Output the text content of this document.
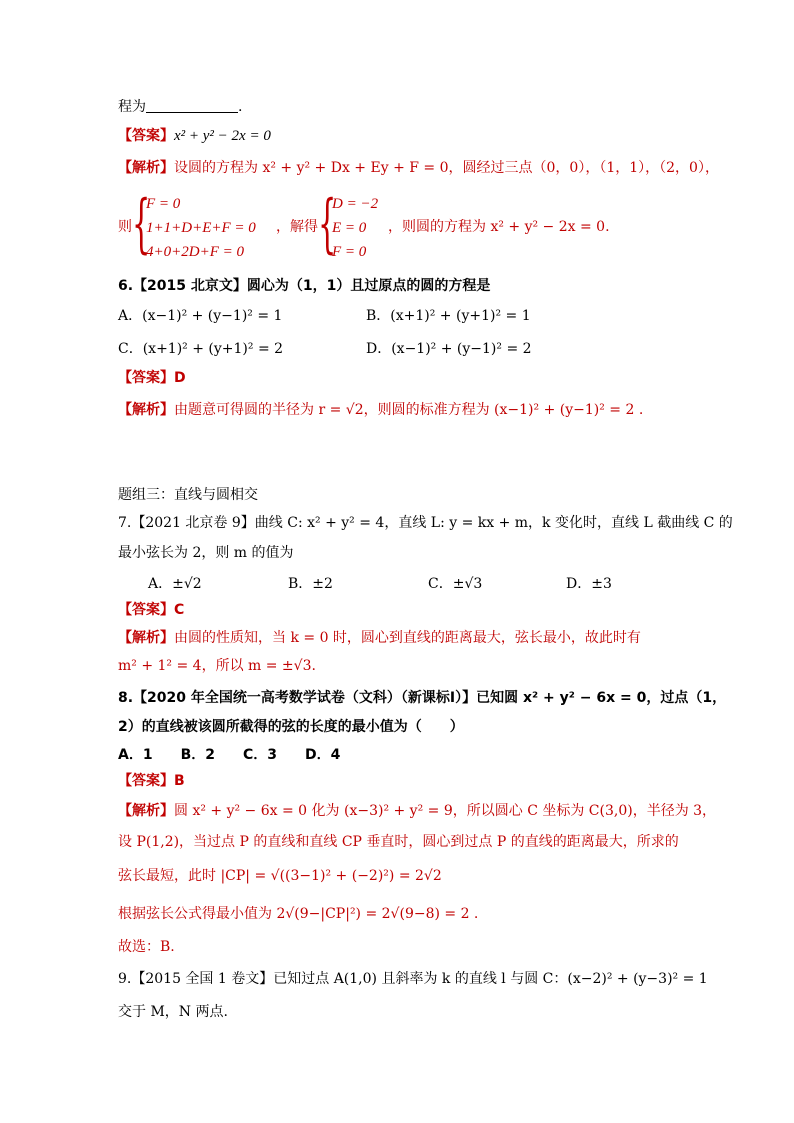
程为	.
【答案】x² + y² − 2x = 0
【解析】设圆的方程为 x² + y² + Dx + Ey + F = 0，圆经过三点（0，0），（1，1），（2，0），
则 {
F = 0
1+1+D+E+F = 0
4+0+2D+F = 0
，解得 {
D = −2
E = 0
F = 0
，则圆的方程为 x² + y² − 2x = 0.
6.【2015 北京文】圆心为（1，1）且过原点的圆的方程是
A．(x−1)² + (y−1)² = 1	B．(x+1)² + (y+1)² = 1
C．(x+1)² + (y+1)² = 2	D．(x−1)² + (y−1)² = 2
【答案】D
【解析】由题意可得圆的半径为 r = √2，则圆的标准方程为 (x−1)² + (y−1)² = 2 .
题组三：直线与圆相交
7.【2021 北京卷 9】曲线 C: x² + y² = 4，直线 L: y = kx + m，k 变化时，直线 L 截曲线 C 的
最小弦长为 2，则 m 的值为
A．±√2	B．±2	C．±√3	D．±3
【答案】C
【解析】由圆的性质知，当 k = 0 时，圆心到直线的距离最大，弦长最小，故此时有
m² + 1² = 4，所以 m = ±√3.
8.【2020 年全国统一高考数学试卷（文科）（新课标Ⅰ）】已知圆 x² + y² − 6x = 0，过点（1，
2）的直线被该圆所截得的弦的长度的最小值为（　　）
A．1　　B．2　　C．3　　D．4
【答案】B
【解析】圆 x² + y² − 6x = 0 化为 (x−3)² + y² = 9，所以圆心 C 坐标为 C(3,0)，半径为 3，
设 P(1,2)，当过点 P 的直线和直线 CP 垂直时，圆心到过点 P 的直线的距离最大，所求的
弦长最短，此时 |CP| = √((3−1)² + (−2)²) = 2√2
根据弦长公式得最小值为 2√(9−|CP|²) = 2√(9−8) = 2 .
故选：B.
9.【2015 全国 1 卷文】已知过点 A(1,0) 且斜率为 k 的直线 l 与圆 C：(x−2)² + (y−3)² = 1
交于 M，N 两点.
